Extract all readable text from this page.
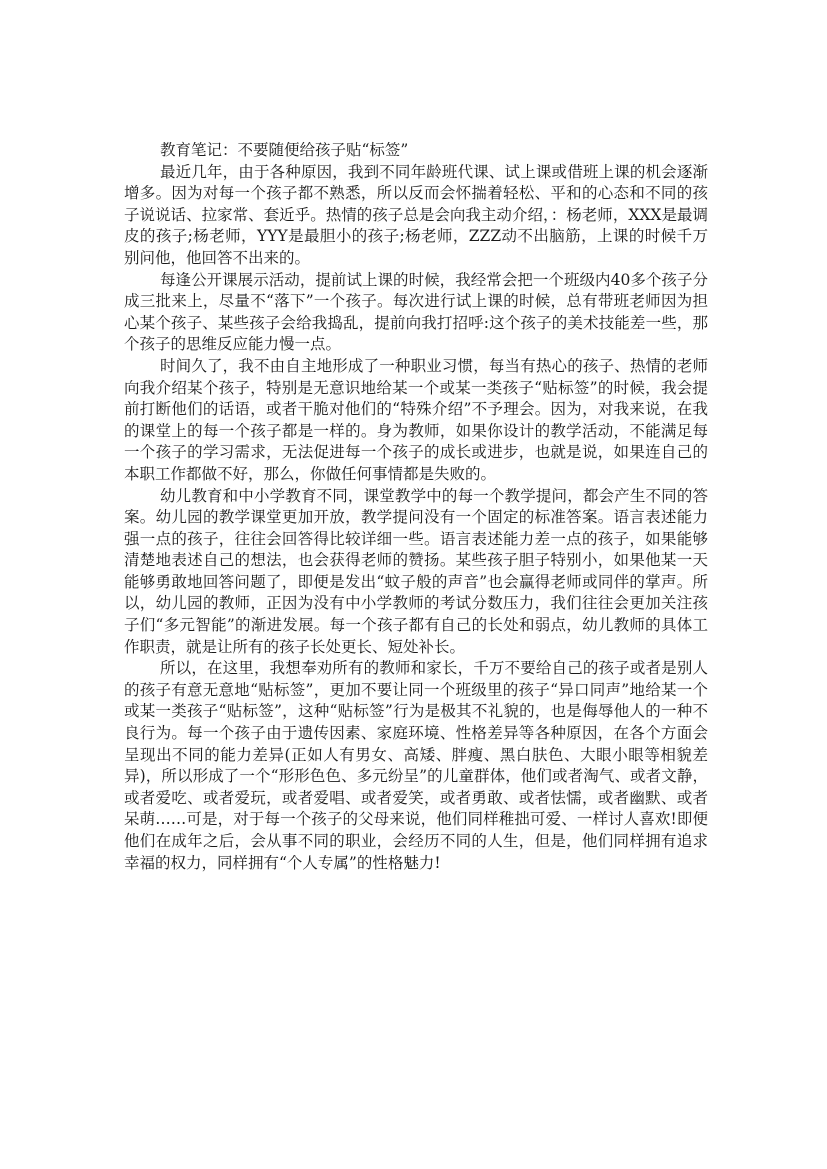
教育笔记：不要随便给孩子贴“标签”

最近几年，由于各种原因，我到不同年龄班代课、试上课或借班上课的机会逐渐增多。因为对每一个孩子都不熟悉，所以反而会怀揣着轻松、平和的心态和不同的孩子说说话、拉家常、套近乎。热情的孩子总是会向我主动介绍，：杨老师，XXX是最调皮的孩子;杨老师，YYY是最胆小的孩子;杨老师，ZZZ动不出脑筋，上课的时候千万别问他，他回答不出来的。

每逢公开课展示活动，提前试上课的时候，我经常会把一个班级内40多个孩子分成三批来上，尽量不“落下”一个孩子。每次进行试上课的时候，总有带班老师因为担心某个孩子、某些孩子会给我捣乱，提前向我打招呼:这个孩子的美术技能差一些，那个孩子的思维反应能力慢一点。

时间久了，我不由自主地形成了一种职业习惯，每当有热心的孩子、热情的老师向我介绍某个孩子，特别是无意识地给某一个或某一类孩子“贴标签”的时候，我会提前打断他们的话语，或者干脆对他们的“特殊介绍”不予理会。因为，对我来说，在我的课堂上的每一个孩子都是一样的。身为教师，如果你设计的教学活动，不能满足每一个孩子的学习需求，无法促进每一个孩子的成长或进步，也就是说，如果连自己的本职工作都做不好，那么，你做任何事情都是失败的。

幼儿教育和中小学教育不同，课堂教学中的每一个教学提问，都会产生不同的答案。幼儿园的教学课堂更加开放，教学提问没有一个固定的标准答案。语言表述能力强一点的孩子，往往会回答得比较详细一些。语言表述能力差一点的孩子，如果能够清楚地表述自己的想法，也会获得老师的赞扬。某些孩子胆子特别小，如果他某一天能够勇敢地回答问题了，即便是发出“蚊子般的声音”也会赢得老师或同伴的掌声。所以，幼儿园的教师，正因为没有中小学教师的考试分数压力，我们往往会更加关注孩子们“多元智能”的渐进发展。每一个孩子都有自己的长处和弱点，幼儿教师的具体工作职责，就是让所有的孩子长处更长、短处补长。

所以，在这里，我想奉劝所有的教师和家长，千万不要给自己的孩子或者是别人的孩子有意无意地“贴标签”，更加不要让同一个班级里的孩子“异口同声”地给某一个或某一类孩子“贴标签”，这种“贴标签”行为是极其不礼貌的，也是侮辱他人的一种不良行为。每一个孩子由于遗传因素、家庭环境、性格差异等各种原因，在各个方面会呈现出不同的能力差异(正如人有男女、高矮、胖瘦、黑白肤色、大眼小眼等相貌差异)，所以形成了一个“形形色色、多元纷呈”的儿童群体，他们或者淘气、或者文静，或者爱吃、或者爱玩，或者爱唱、或者爱笑，或者勇敢、或者怯懦，或者幽默、或者呆萌……可是，对于每一个孩子的父母来说，他们同样稚拙可爱、一样讨人喜欢!即便他们在成年之后，会从事不同的职业，会经历不同的人生，但是，他们同样拥有追求幸福的权力，同样拥有“个人专属”的性格魅力!
